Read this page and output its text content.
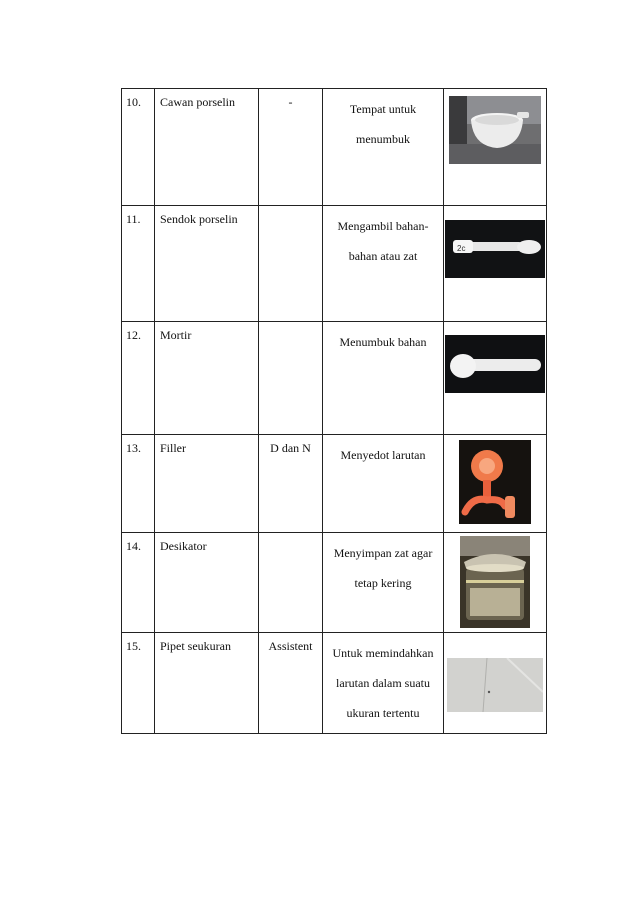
10.	Cawan porselin	-	Tempat untuk
menumbuk

11.	Sendok porselin		Mengambil bahan-
bahan atau zat	2c

12.	Mortir		Menumbuk bahan

13.	Filler	D dan N	Menyedot larutan

14.	Desikator		Menyimpan zat agar
tetap kering

15.	Pipet seukuran	Assistent	Untuk memindahkan
larutan dalam suatu
ukuran tertentu
